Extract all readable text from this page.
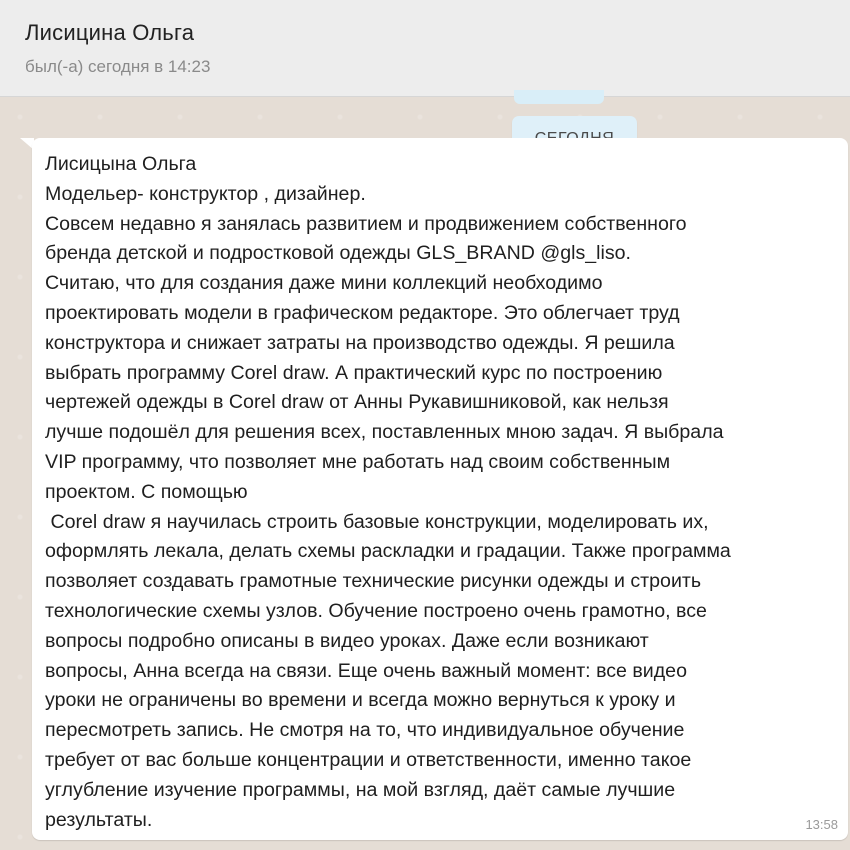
Лисицина Ольга
был(-а) сегодня в 14:23

Лисицына Ольга
Модельер- конструктор , дизайнер.
Совсем недавно я занялась развитием и продвижением собственного
бренда детской и подростковой одежды GLS_BRAND @gls_liso.
Считаю, что для создания даже мини коллекций необходимо
проектировать модели в графическом редакторе. Это облегчает труд
конструктора и снижает затраты на производство одежды. Я решила
выбрать программу Corel draw. А практический курс по построению
чертежей одежды в Corel draw от Анны Рукавишниковой, как нельзя
лучше подошёл для решения всех, поставленных мною задач. Я выбрала
VIP программу, что позволяет мне работать над своим собственным
проектом. С помощью
Corel draw я научилась строить базовые конструкции, моделировать их,
оформлять лекала, делать схемы раскладки и градации. Также программа
позволяет создавать грамотные технические рисунки одежды и строить
технологические схемы узлов. Обучение построено очень грамотно, все
вопросы подробно описаны в видео уроках. Даже если возникают
вопросы, Анна всегда на связи. Еще очень важный момент: все видео
уроки не ограничены во времени и всегда можно вернуться к уроку и
пересмотреть запись. Не смотря на то, что индивидуальное обучение
требует от вас больше концентрации и ответственности, именно такое
углубление изучение программы, на мой взгляд, даёт самые лучшие
результаты.	13:58
